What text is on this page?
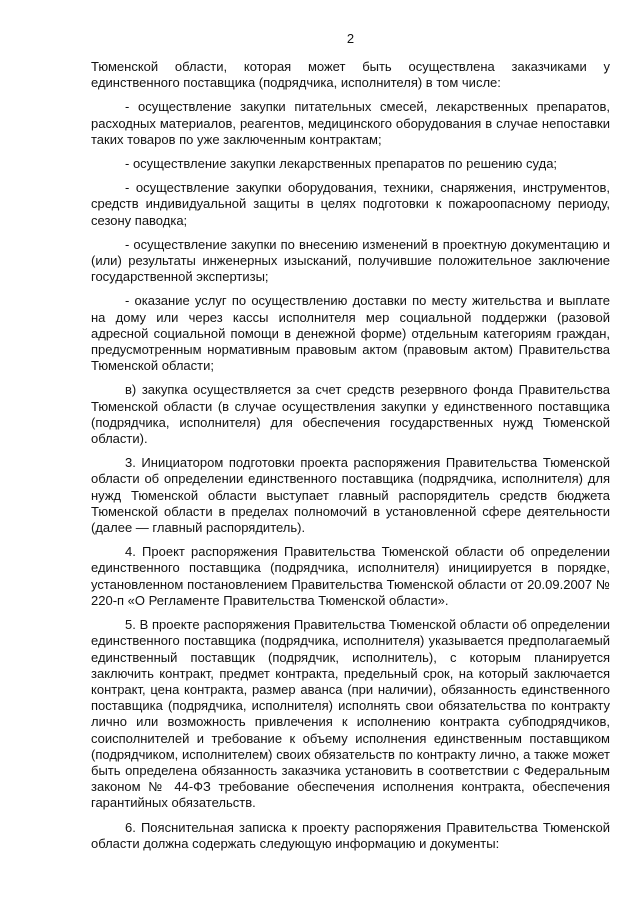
2

Тюменской области, которая может быть осуществлена заказчиками у единственного поставщика (подрядчика, исполнителя) в том числе:

- осуществление закупки питательных смесей, лекарственных препаратов, расходных материалов, реагентов, медицинского оборудования в случае непоставки таких товаров по уже заключенным контрактам;

- осуществление закупки лекарственных препаратов по решению суда;

- осуществление закупки оборудования, техники, снаряжения, инструментов, средств индивидуальной защиты в целях подготовки к пожароопасному периоду, сезону паводка;

- осуществление закупки по внесению изменений в проектную документацию и (или) результаты инженерных изысканий, получившие положительное заключение государственной экспертизы;

- оказание услуг по осуществлению доставки по месту жительства и выплате на дому или через кассы исполнителя мер социальной поддержки (разовой адресной социальной помощи в денежной форме) отдельным категориям граждан, предусмотренным нормативным правовым актом (правовым актом) Правительства Тюменской области;

в) закупка осуществляется за счет средств резервного фонда Правительства Тюменской области (в случае осуществления закупки у единственного поставщика (подрядчика, исполнителя) для обеспечения государственных нужд Тюменской области).

3. Инициатором подготовки проекта распоряжения Правительства Тюменской области об определении единственного поставщика (подрядчика, исполнителя) для нужд Тюменской области выступает главный распорядитель средств бюджета Тюменской области в пределах полномочий в установленной сфере деятельности (далее — главный распорядитель).

4. Проект распоряжения Правительства Тюменской области об определении единственного поставщика (подрядчика, исполнителя) инициируется в порядке, установленном постановлением Правительства Тюменской области от 20.09.2007 № 220-п «О Регламенте Правительства Тюменской области».

5. В проекте распоряжения Правительства Тюменской области об определении единственного поставщика (подрядчика, исполнителя) указывается предполагаемый единственный поставщик (подрядчик, исполнитель), с которым планируется заключить контракт, предмет контракта, предельный срок, на который заключается контракт, цена контракта, размер аванса (при наличии), обязанность единственного поставщика (подрядчика, исполнителя) исполнять свои обязательства по контракту лично или возможность привлечения к исполнению контракта субподрядчиков, соисполнителей и требование к объему исполнения единственным поставщиком (подрядчиком, исполнителем) своих обязательств по контракту лично, а также может быть определена обязанность заказчика установить в соответствии с Федеральным законом № 44-ФЗ требование обеспечения исполнения контракта, обеспечения гарантийных обязательств.

6. Пояснительная записка к проекту распоряжения Правительства Тюменской области должна содержать следующую информацию и документы:
